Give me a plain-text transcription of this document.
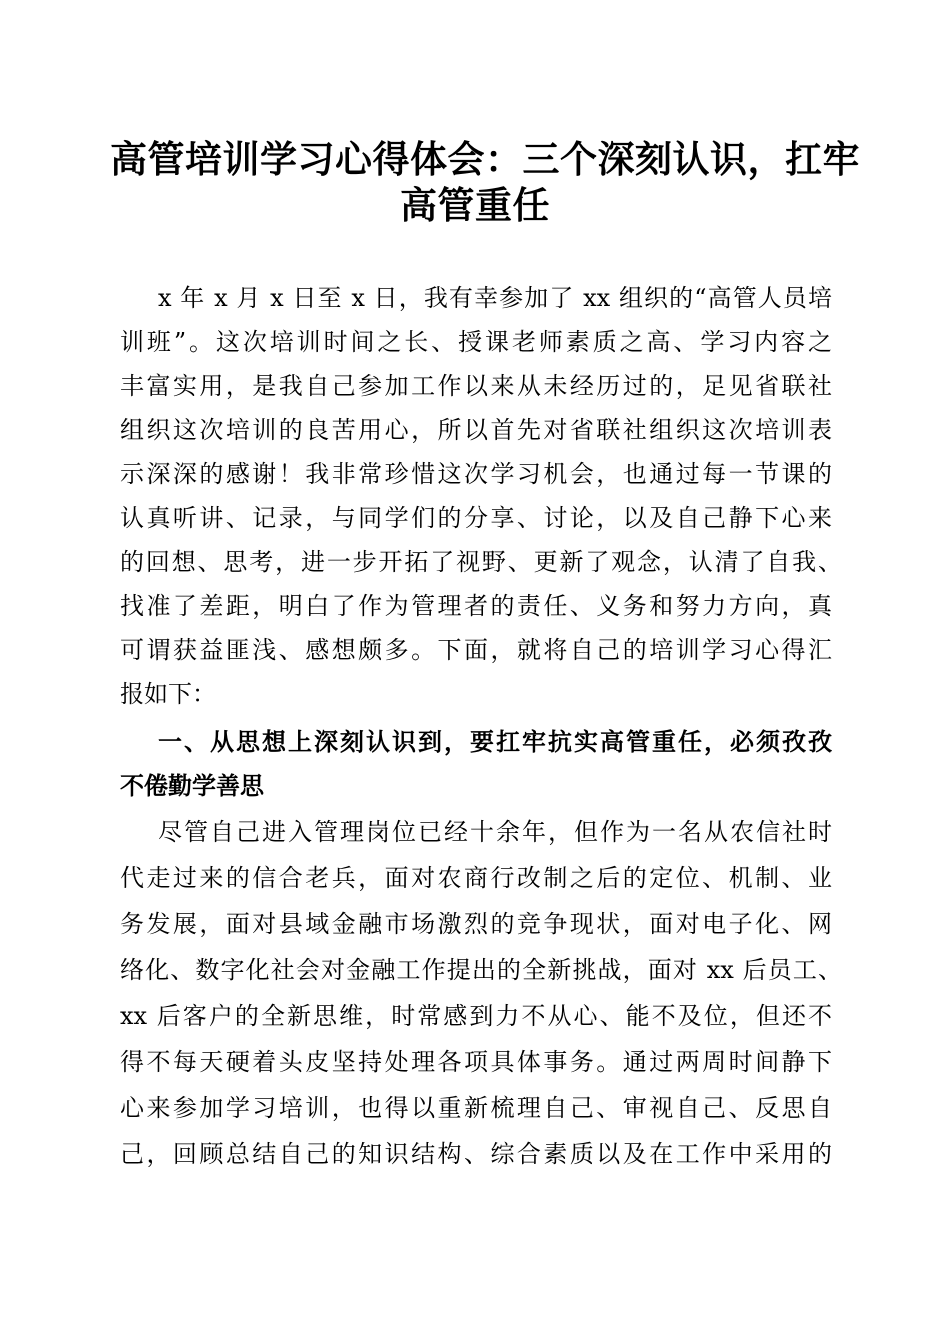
高管培训学习心得体会：三个深刻认识，扛牢
高管重任
x 年 x 月 x 日至 x 日，我有幸参加了 xx 组织的“高管人员培
训班”。这次培训时间之长、授课老师素质之高、学习内容之
丰富实用，是我自己参加工作以来从未经历过的，足见省联社
组织这次培训的良苦用心，所以首先对省联社组织这次培训表
示深深的感谢！我非常珍惜这次学习机会，也通过每一节课的
认真听讲、记录，与同学们的分享、讨论，以及自己静下心来
的回想、思考，进一步开拓了视野、更新了观念，认清了自我、
找准了差距，明白了作为管理者的责任、义务和努力方向，真
可谓获益匪浅、感想颇多。下面，就将自己的培训学习心得汇
报如下：
一、从思想上深刻认识到，要扛牢抗实高管重任，必须孜孜
不倦勤学善思
尽管自己进入管理岗位已经十余年，但作为一名从农信社时
代走过来的信合老兵，面对农商行改制之后的定位、机制、业
务发展，面对县域金融市场激烈的竞争现状，面对电子化、网
络化、数字化社会对金融工作提出的全新挑战，面对 xx 后员工、
xx 后客户的全新思维，时常感到力不从心、能不及位，但还不
得不每天硬着头皮坚持处理各项具体事务。通过两周时间静下
心来参加学习培训，也得以重新梳理自己、审视自己、反思自
己，回顾总结自己的知识结构、综合素质以及在工作中采用的
